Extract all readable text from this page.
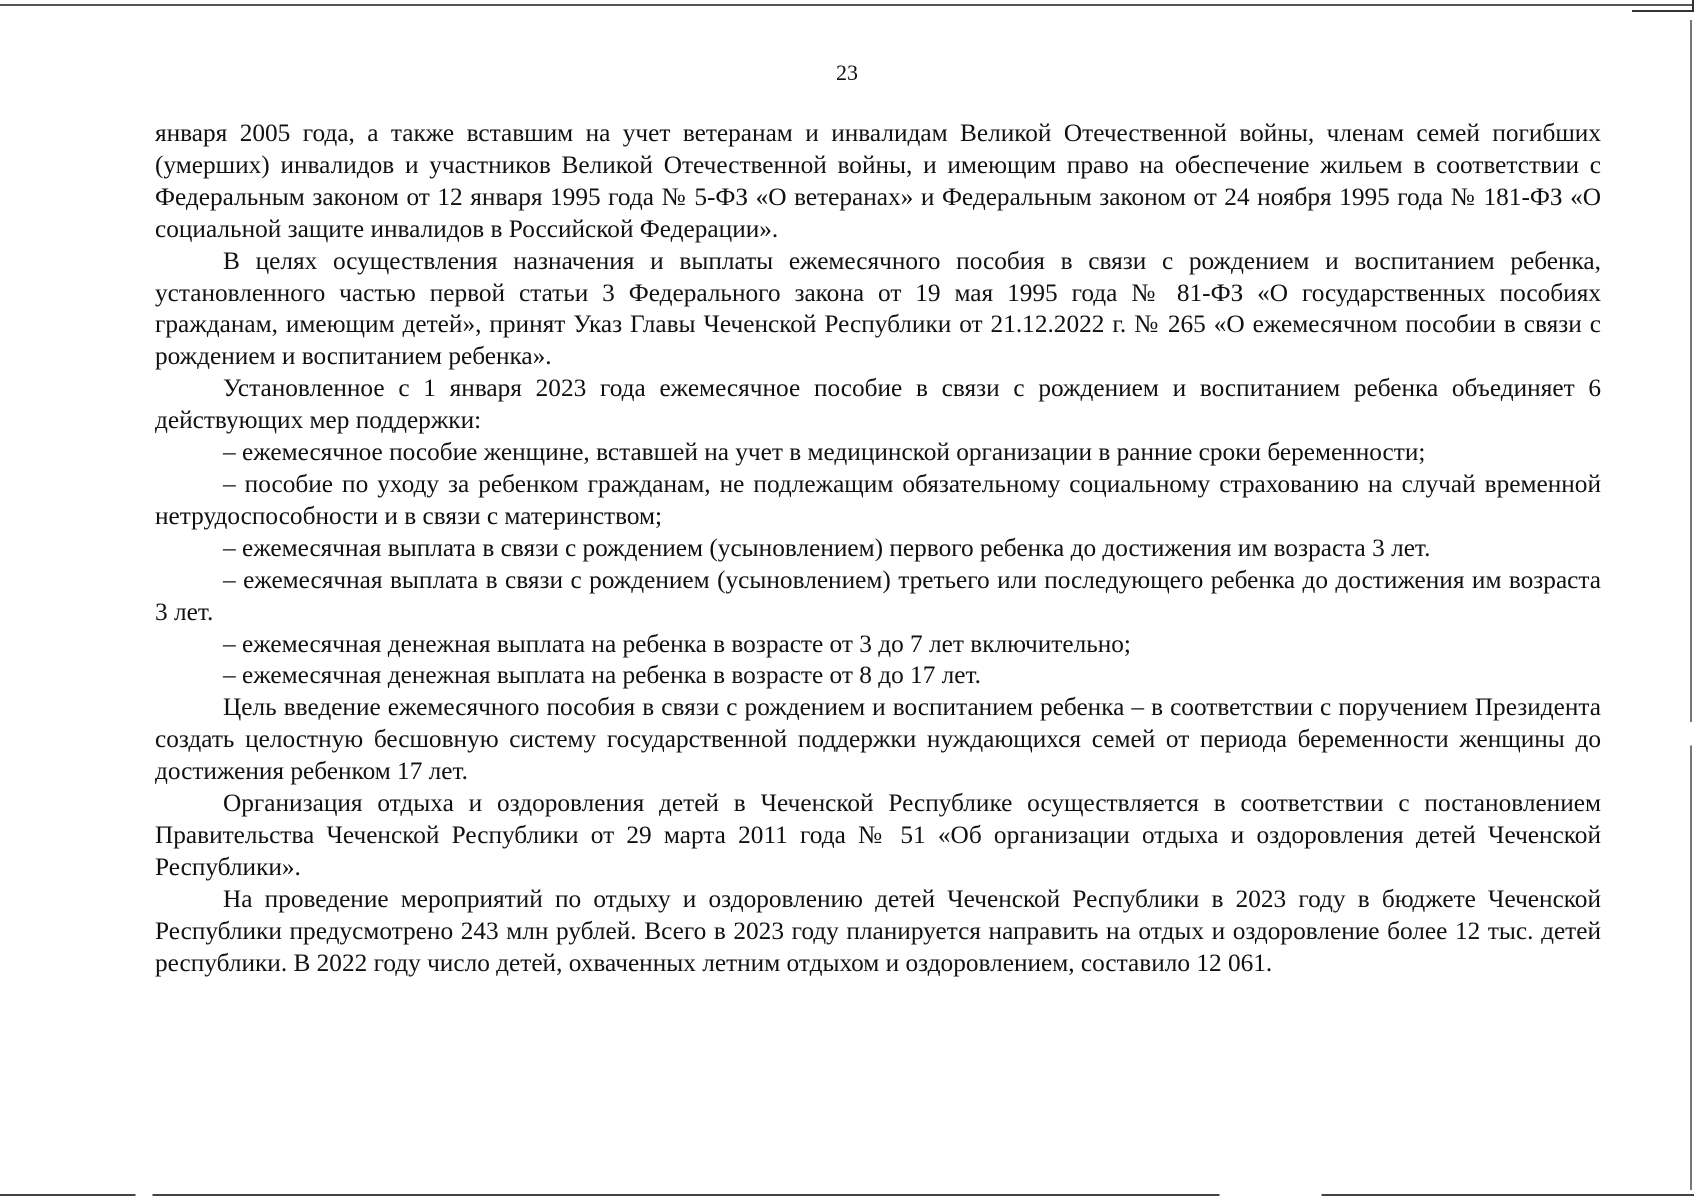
23

января 2005 года, а также вставшим на учет ветеранам и инвалидам Великой Отечественной войны, членам семей погибших (умерших) инвалидов и участников Великой Отечественной войны, и имеющим право на обеспечение жильем в соответствии с Федеральным законом от 12 января 1995 года № 5-ФЗ «О ветеранах» и Федеральным законом от 24 ноября 1995 года № 181-ФЗ «О социальной защите инвалидов в Российской Федерации».

В целях осуществления назначения и выплаты ежемесячного пособия в связи с рождением и воспитанием ребенка, установленного частью первой статьи 3 Федерального закона от 19 мая 1995 года № 81-ФЗ «О государственных пособиях гражданам, имеющим детей», принят Указ Главы Чеченской Республики от 21.12.2022 г. № 265 «О ежемесячном пособии в связи с рождением и воспитанием ребенка».

Установленное с 1 января 2023 года ежемесячное пособие в связи с рождением и воспитанием ребенка объединяет 6 действующих мер поддержки:

– ежемесячное пособие женщине, вставшей на учет в медицинской организации в ранние сроки беременности;

– пособие по уходу за ребенком гражданам, не подлежащим обязательному социальному страхованию на случай временной нетрудоспособности и в связи с материнством;

– ежемесячная выплата в связи с рождением (усыновлением) первого ребенка до достижения им возраста 3 лет.

– ежемесячная выплата в связи с рождением (усыновлением) третьего или последующего ребенка до достижения им возраста 3 лет.

– ежемесячная денежная выплата на ребенка в возрасте от 3 до 7 лет включительно;

– ежемесячная денежная выплата на ребенка в возрасте от 8 до 17 лет.

Цель введение ежемесячного пособия в связи с рождением и воспитанием ребенка – в соответствии с поручением Президента создать целостную бесшовную систему государственной поддержки нуждающихся семей от периода беременности женщины до достижения ребенком 17 лет.

Организация отдыха и оздоровления детей в Чеченской Республике осуществляется в соответствии с постановлением Правительства Чеченской Республики от 29 марта 2011 года № 51 «Об организации отдыха и оздоровления детей Чеченской Республики».

На проведение мероприятий по отдыху и оздоровлению детей Чеченской Республики в 2023 году в бюджете Чеченской Республики предусмотрено 243 млн рублей. Всего в 2023 году планируется направить на отдых и оздоровление более 12 тыс. детей республики. В 2022 году число детей, охваченных летним отдыхом и оздоровлением, составило 12 061.
